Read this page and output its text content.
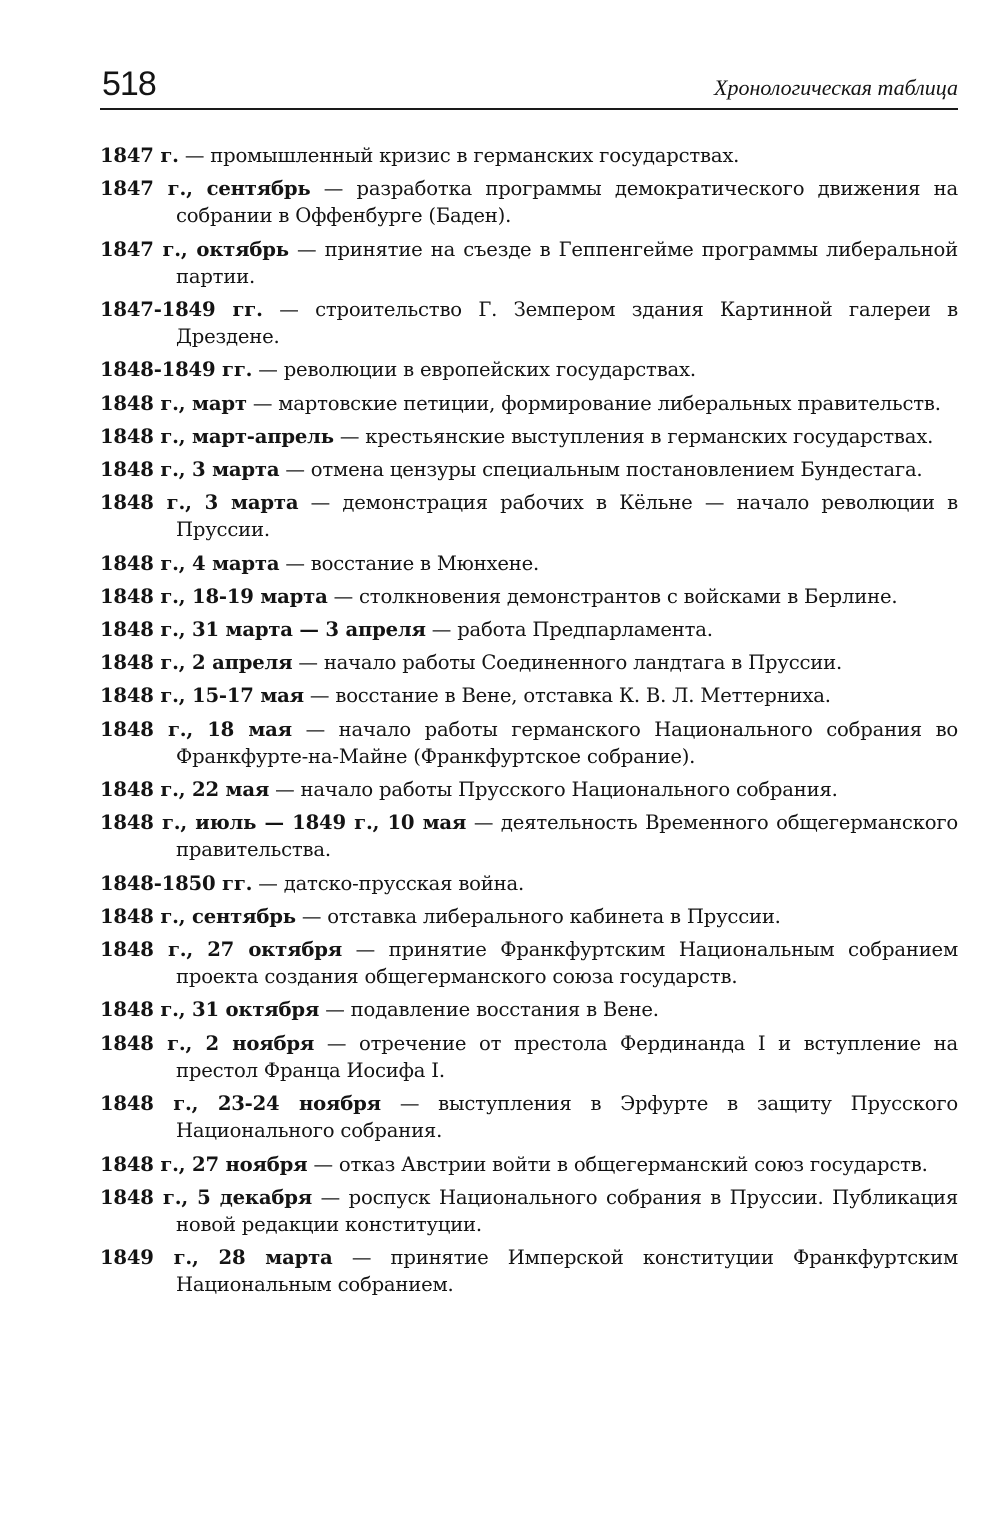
518	Хронологическая таблица
1847 г. — промышленный кризис в германских государствах.
1847 г., сентябрь — разработка программы демократического движения на собрании в Оффенбурге (Баден).
1847 г., октябрь — принятие на съезде в Геппенгейме программы либеральной партии.
1847-1849 гг. — строительство Г. Земпером здания Картинной галереи в Дрездене.
1848-1849 гг. — революции в европейских государствах.
1848 г., март — мартовские петиции, формирование либеральных правительств.
1848 г., март-апрель — крестьянские выступления в германских государствах.
1848 г., 3 марта — отмена цензуры специальным постановлением Бундестага.
1848 г., 3 марта — демонстрация рабочих в Кёльне — начало революции в Пруссии.
1848 г., 4 марта — восстание в Мюнхене.
1848 г., 18-19 марта — столкновения демонстрантов с войсками в Берлине.
1848 г., 31 марта — 3 апреля — работа Предпарламента.
1848 г., 2 апреля — начало работы Соединенного ландтага в Пруссии.
1848 г., 15-17 мая — восстание в Вене, отставка К. В. Л. Меттерниха.
1848 г., 18 мая — начало работы германского Национального собрания во Франкфурте-на-Майне (Франкфуртское собрание).
1848 г., 22 мая — начало работы Прусского Национального собрания.
1848 г., июль — 1849 г., 10 мая — деятельность Временного общегерманского правительства.
1848-1850 гг. — датско-прусская война.
1848 г., сентябрь — отставка либерального кабинета в Пруссии.
1848 г., 27 октября — принятие Франкфуртским Национальным собранием проекта создания общегерманского союза государств.
1848 г., 31 октября — подавление восстания в Вене.
1848 г., 2 ноября — отречение от престола Фердинанда I и вступление на престол Франца Иосифа I.
1848 г., 23-24 ноября — выступления в Эрфурте в защиту Прусского Национального собрания.
1848 г., 27 ноября — отказ Австрии войти в общегерманский союз государств.
1848 г., 5 декабря — роспуск Национального собрания в Пруссии. Публикация новой редакции конституции.
1849 г., 28 марта — принятие Имперской конституции Франкфуртским Национальным собранием.
